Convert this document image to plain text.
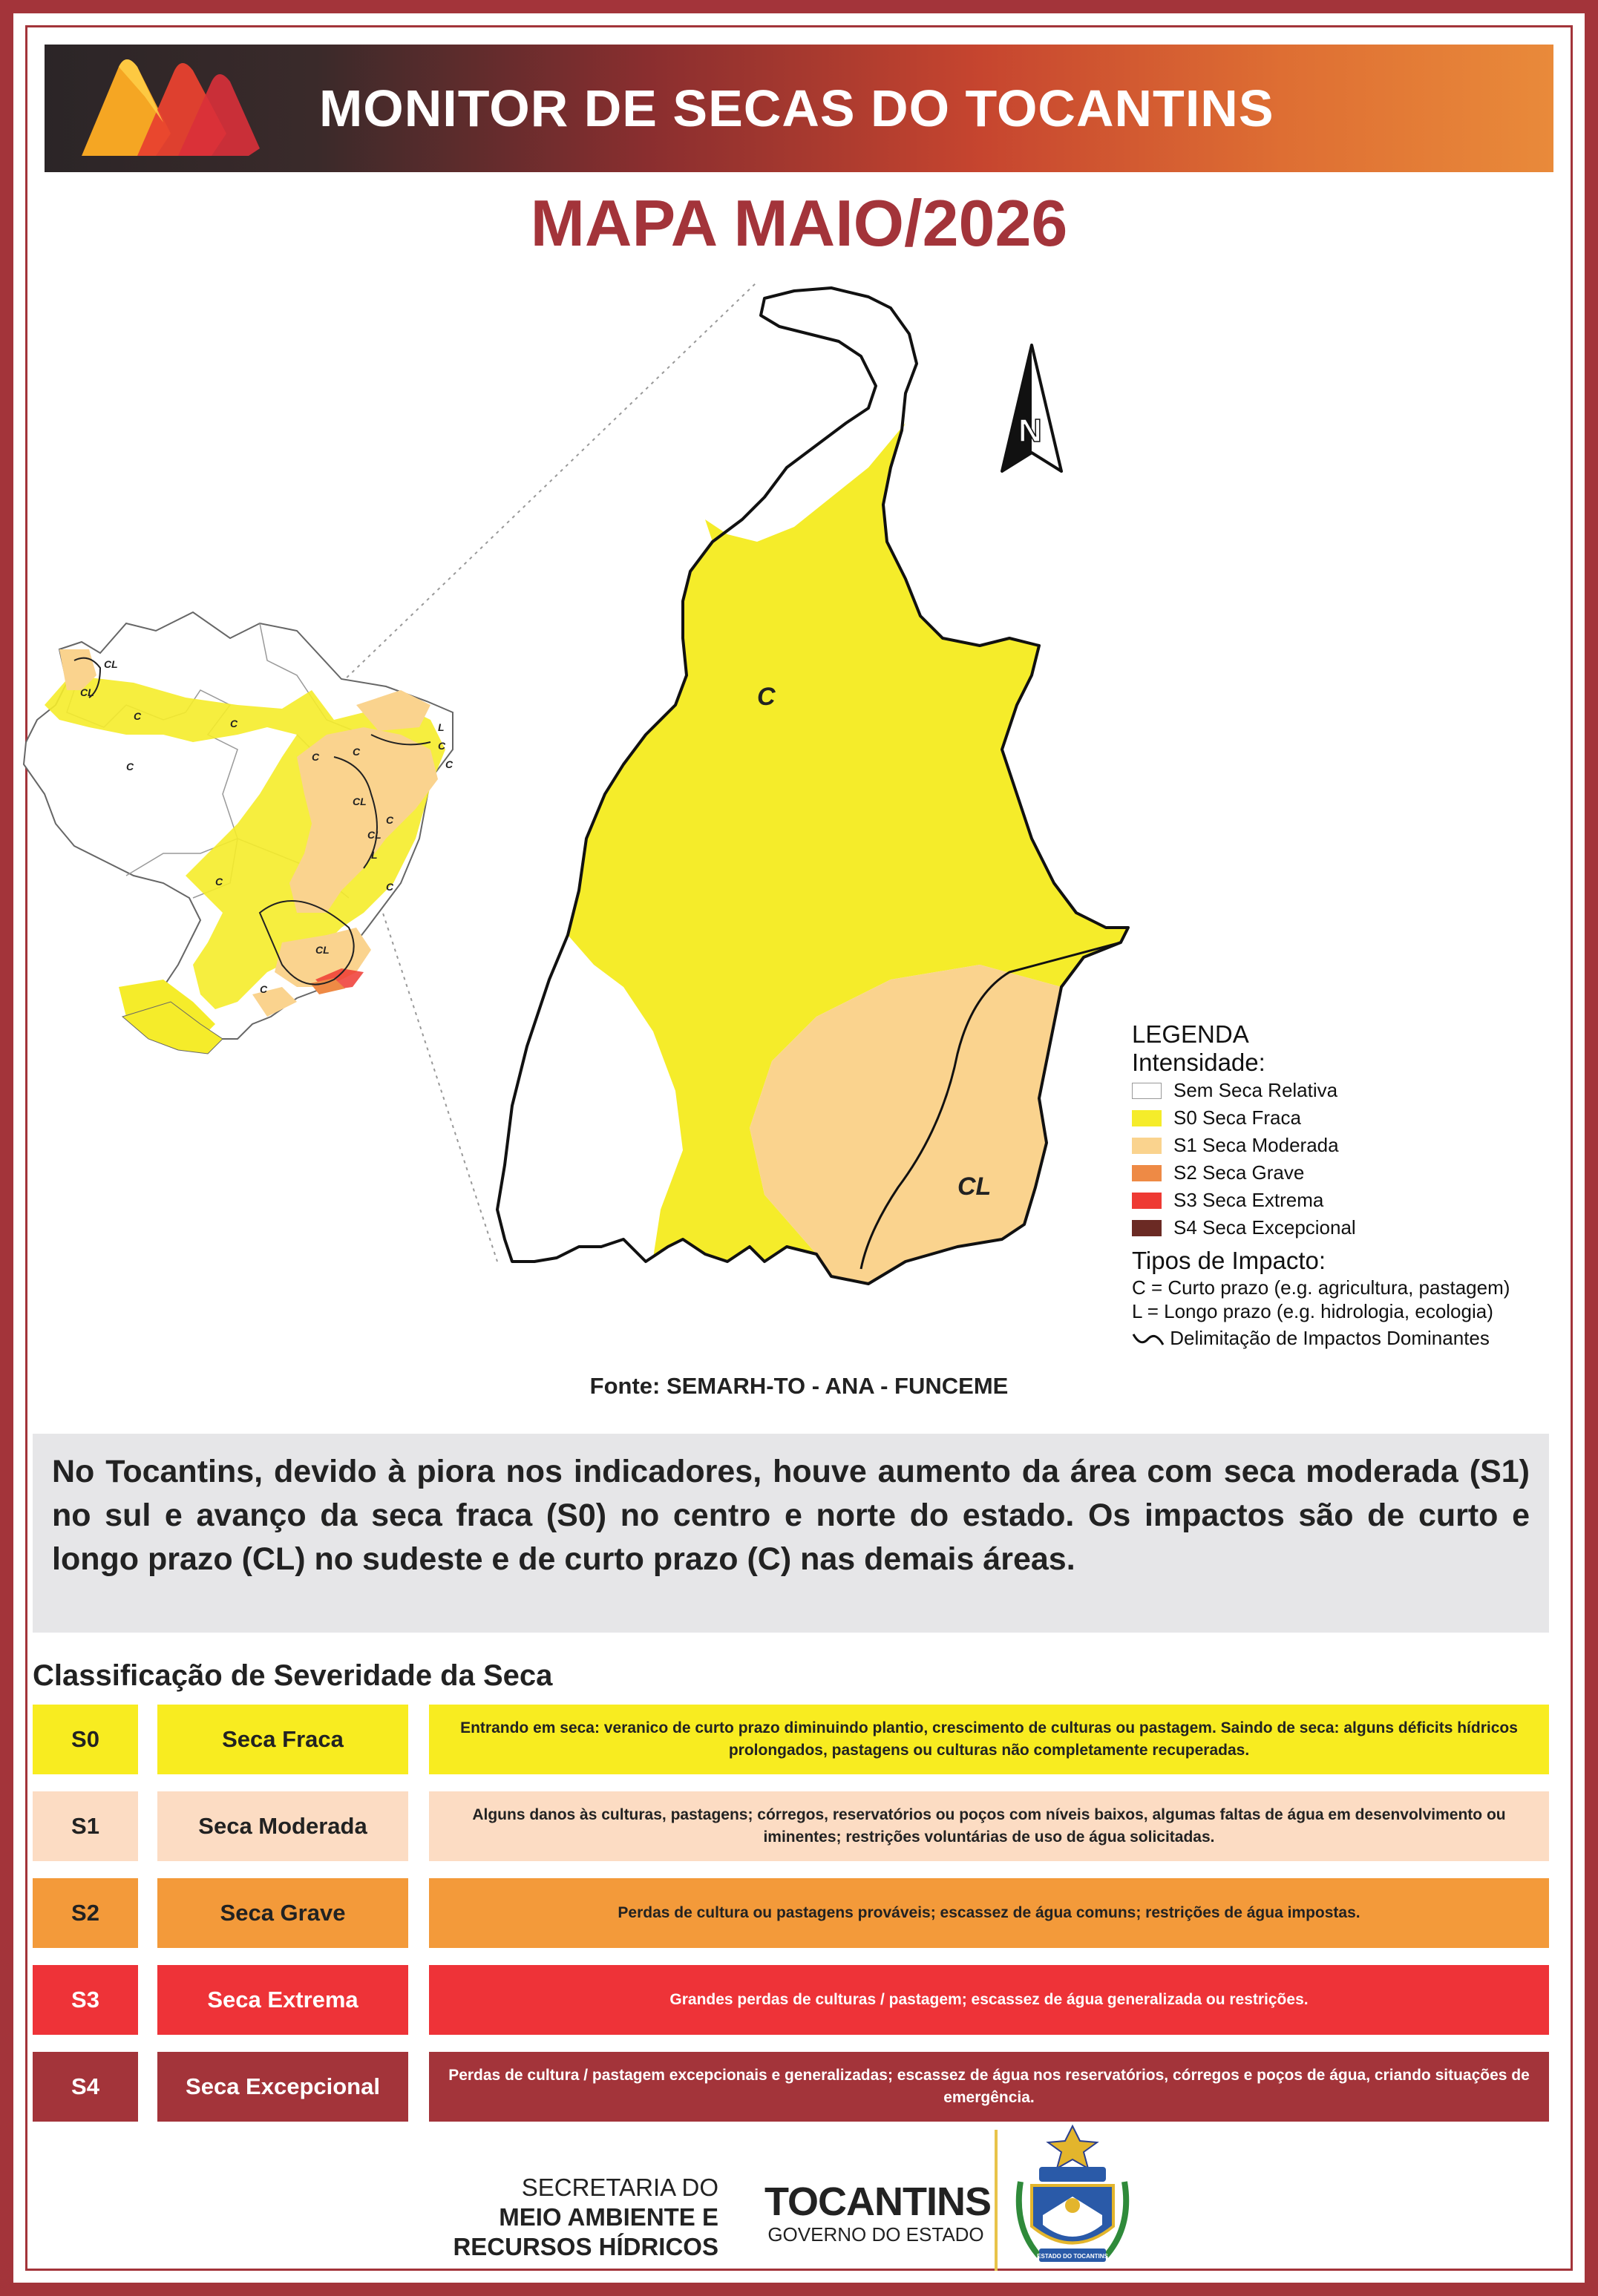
MONITOR DE SECAS DO TOCANTINS
MAPA MAIO/2026
CL
CL
C
C
C
C	C
L
C
C
CL
C
CL
L
C
CL
C
C
C
CL
N
LEGENDA
Intensidade:
Sem Seca Relativa
S0 Seca Fraca
S1 Seca Moderada
S2 Seca Grave
S3 Seca Extrema
S4 Seca Excepcional
Tipos de Impacto:
C = Curto prazo (e.g. agricultura, pastagem)
L = Longo prazo (e.g. hidrologia, ecologia)
Delimitação de Impactos Dominantes
Fonte: SEMARH-TO - ANA - FUNCEME
No Tocantins, devido à piora nos indicadores, houve aumento da área com seca moderada (S1) no sul e avanço da seca fraca (S0) no centro e norte do estado. Os impactos são de curto e longo prazo (CL) no sudeste e de curto prazo (C) nas demais áreas.
Classificação de Severidade da Seca
S0	Seca Fraca	Entrando em seca: veranico de curto prazo diminuindo plantio, crescimento de culturas ou pastagem. Saindo de seca: alguns déficits hídricos prolongados, pastagens ou culturas não completamente recuperadas.
S1	Seca Moderada	Alguns danos às culturas, pastagens; córregos, reservatórios ou poços com níveis baixos, algumas faltas de água em desenvolvimento ou iminentes; restrições voluntárias de uso de água solicitadas.
S2	Seca Grave	Perdas de cultura ou pastagens prováveis; escassez de água comuns; restrições de água impostas.
S3	Seca Extrema	Grandes perdas de culturas / pastagem; escassez de água generalizada ou restrições.
S4	Seca Excepcional	Perdas de cultura / pastagem excepcionais e generalizadas; escassez de água nos reservatórios, córregos e poços de água, criando situações de emergência.
SECRETARIA DO
MEIO AMBIENTE E
RECURSOS HÍDRICOS
TOCANTINS
GOVERNO DO ESTADO
ESTADO DO TOCANTINS
